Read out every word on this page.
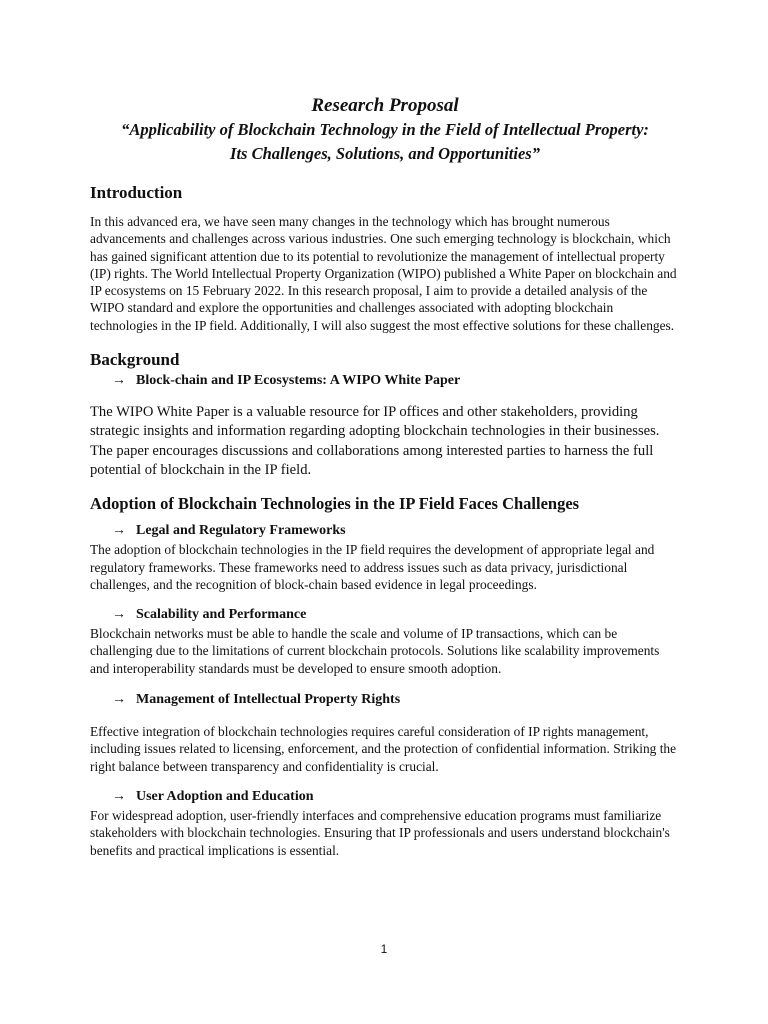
Research Proposal

“Applicability of Blockchain Technology in the Field of Intellectual Property:

Its Challenges, Solutions, and Opportunities”

Introduction

In this advanced era, we have seen many changes in the technology which has brought numerous advancements and challenges across various industries. One such emerging technology is blockchain, which has gained significant attention due to its potential to revolutionize the management of intellectual property (IP) rights. The World Intellectual Property Organization (WIPO) published a White Paper on blockchain and IP ecosystems on 15 February 2022. In this research proposal, I aim to provide a detailed analysis of the WIPO standard and explore the opportunities and challenges associated with adopting blockchain technologies in the IP field. Additionally, I will also suggest the most effective solutions for these challenges.

Background
→ Block-chain and IP Ecosystems: A WIPO White Paper

The WIPO White Paper is a valuable resource for IP offices and other stakeholders, providing strategic insights and information regarding adopting blockchain technologies in their businesses. The paper encourages discussions and collaborations among interested parties to harness the full potential of blockchain in the IP field.

Adoption of Blockchain Technologies in the IP Field Faces Challenges
→ Legal and Regulatory Frameworks

The adoption of blockchain technologies in the IP field requires the development of appropriate legal and regulatory frameworks. These frameworks need to address issues such as data privacy, jurisdictional challenges, and the recognition of block-chain based evidence in legal proceedings.

→ Scalability and Performance

Blockchain networks must be able to handle the scale and volume of IP transactions, which can be challenging due to the limitations of current blockchain protocols. Solutions like scalability improvements and interoperability standards must be developed to ensure smooth adoption.

→ Management of Intellectual Property Rights

Effective integration of blockchain technologies requires careful consideration of IP rights management, including issues related to licensing, enforcement, and the protection of confidential information. Striking the right balance between transparency and confidentiality is crucial.

→ User Adoption and Education

For widespread adoption, user-friendly interfaces and comprehensive education programs must familiarize stakeholders with blockchain technologies. Ensuring that IP professionals and users understand blockchain's benefits and practical implications is essential.

1
